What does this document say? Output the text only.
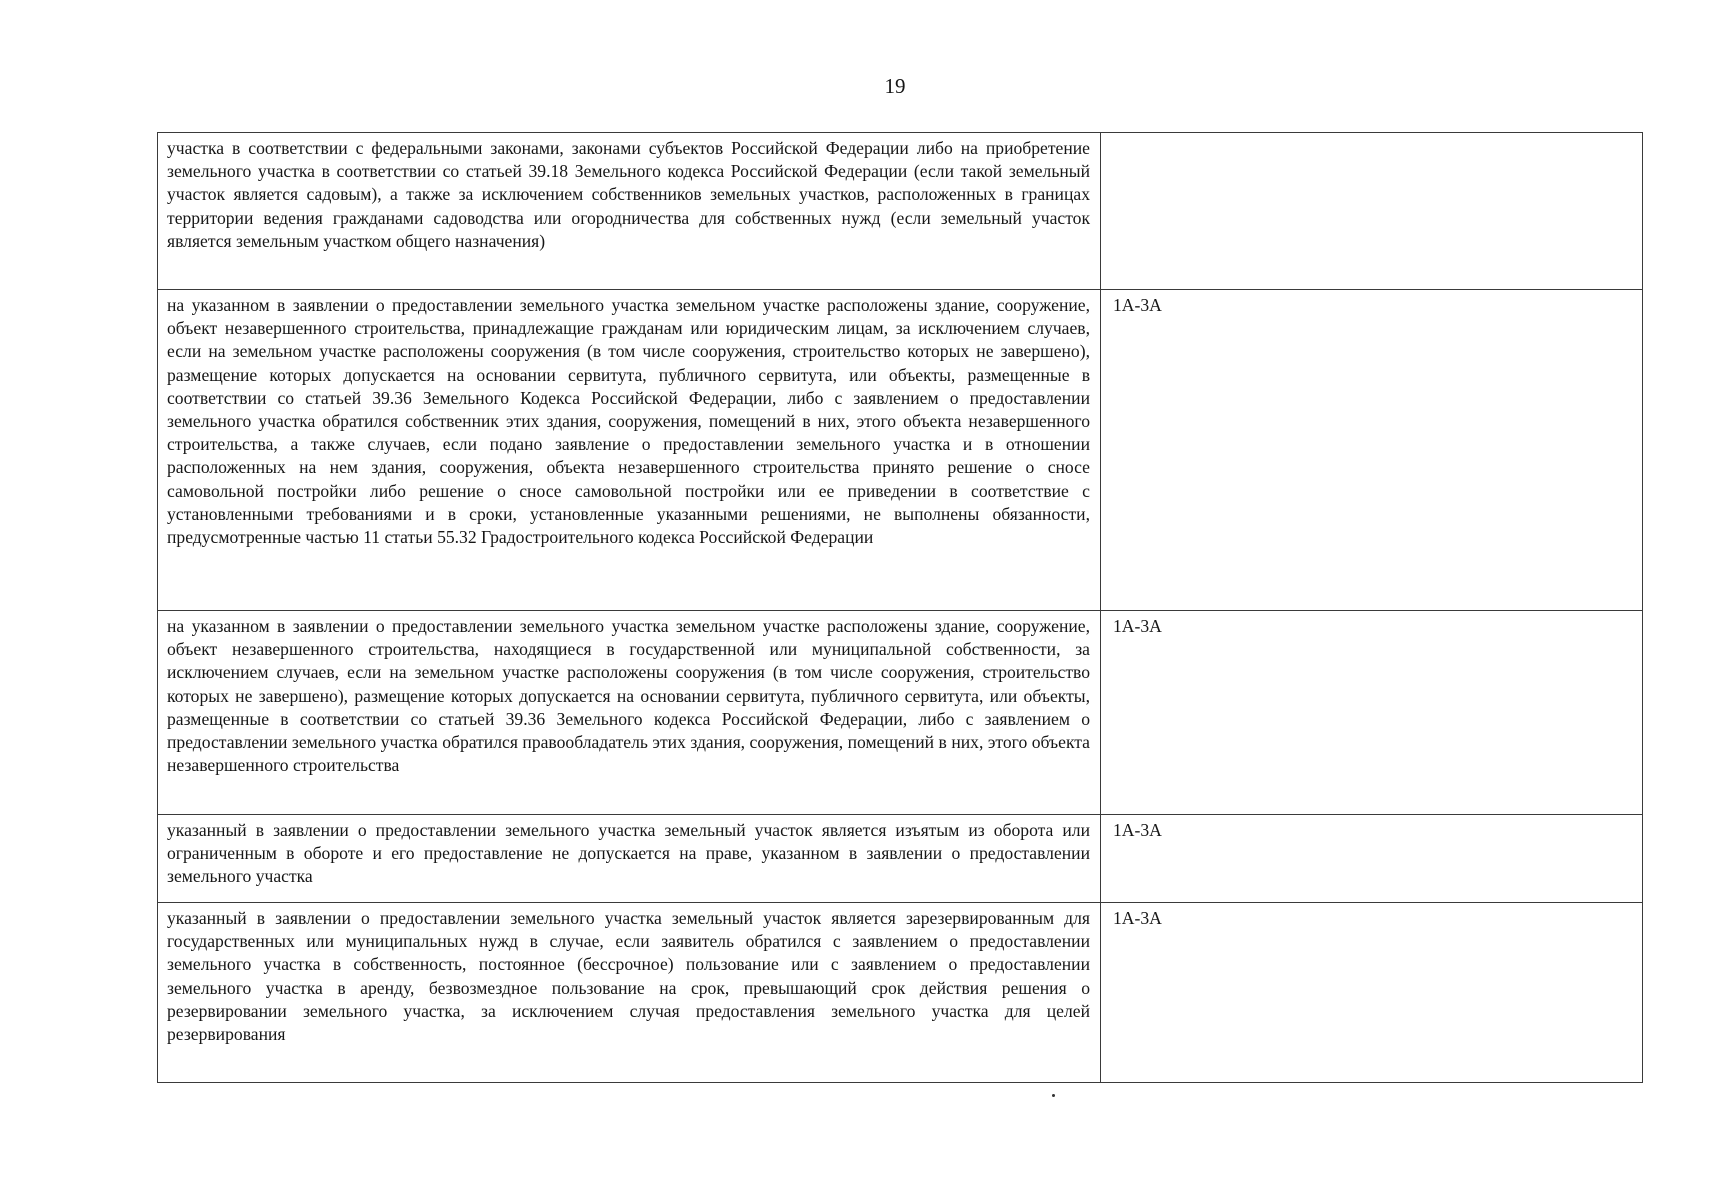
19
участка в соответствии с федеральными законами, законами субъектов Российской Федерации либо на приобретение земельного участка в соответствии со статьей 39.18 Земельного кодекса Российской Федерации (если такой земельный участок является садовым), а также за исключением собственников земельных участков, расположенных в границах территории ведения гражданами садоводства или огородничества для собственных нужд (если земельный участок является земельным участком общего назначения)	
на указанном в заявлении о предоставлении земельного участка земельном участке расположены здание, сооружение, объект незавершенного строительства, принадлежащие гражданам или юридическим лицам, за исключением случаев, если на земельном участке расположены сооружения (в том числе сооружения, строительство которых не завершено), размещение которых допускается на основании сервитута, публичного сервитута, или объекты, размещенные в соответствии со статьей 39.36 Земельного Кодекса Российской Федерации, либо с заявлением о предоставлении земельного участка обратился собственник этих здания, сооружения, помещений в них, этого объекта незавершенного строительства, а также случаев, если подано заявление о предоставлении земельного участка и в отношении расположенных на нем здания, сооружения, объекта незавершенного строительства принято решение о сносе самовольной постройки либо решение о сносе самовольной постройки или ее приведении в соответствие с установленными требованиями и в сроки, установленные указанными решениями, не выполнены обязанности, предусмотренные частью 11 статьи 55.32 Градостроительного кодекса Российской Федерации	1А-3А
на указанном в заявлении о предоставлении земельного участка земельном участке расположены здание, сооружение, объект незавершенного строительства, находящиеся в государственной или муниципальной собственности, за исключением случаев, если на земельном участке расположены сооружения (в том числе сооружения, строительство которых не завершено), размещение которых допускается на основании сервитута, публичного сервитута, или объекты, размещенные в соответствии со статьей 39.36 Земельного кодекса Российской Федерации, либо с заявлением о предоставлении земельного участка обратился правообладатель этих здания, сооружения, помещений в них, этого объекта незавершенного строительства	1А-3А
указанный в заявлении о предоставлении земельного участка земельный участок является изъятым из оборота или ограниченным в обороте и его предоставление не допускается на праве, указанном в заявлении о предоставлении земельного участка	1А-3А
указанный в заявлении о предоставлении земельного участка земельный участок является зарезервированным для государственных или муниципальных нужд в случае, если заявитель обратился с заявлением о предоставлении земельного участка в собственность, постоянное (бессрочное) пользование или с заявлением о предоставлении земельного участка в аренду, безвозмездное пользование на срок, превышающий срок действия решения о резервировании земельного участка, за исключением случая предоставления земельного участка для целей резервирования	1А-3А
